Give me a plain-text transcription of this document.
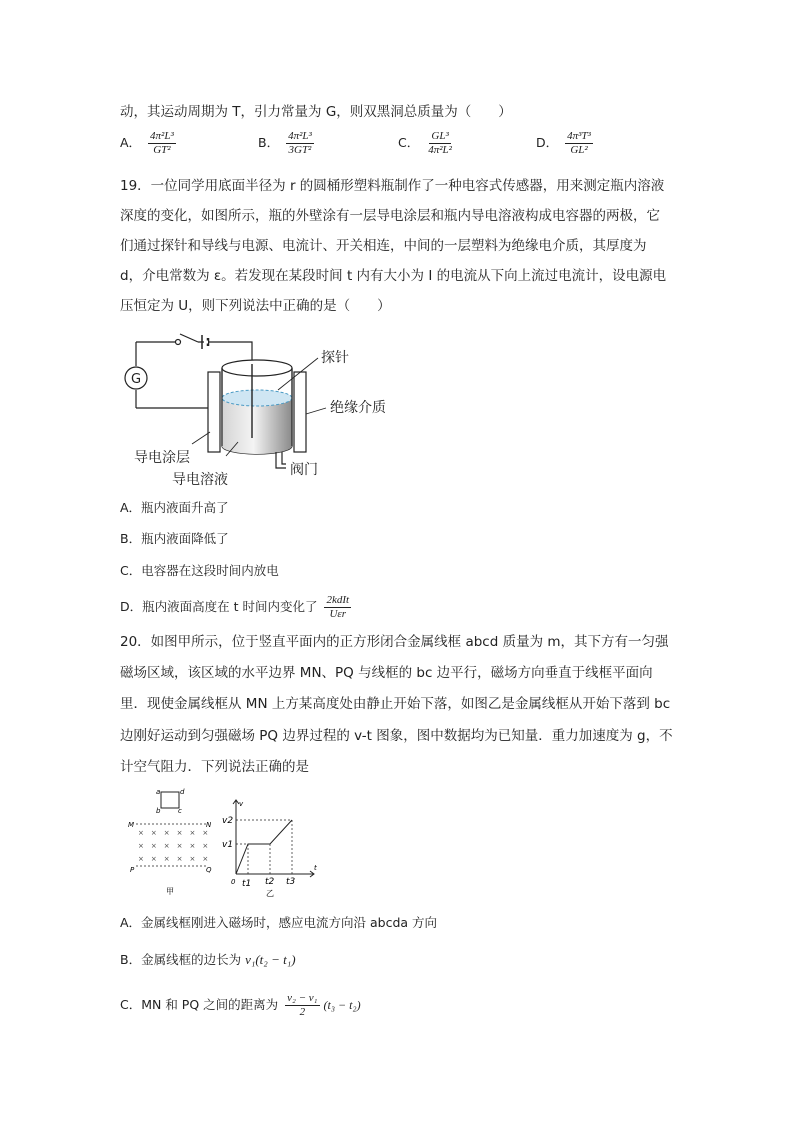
动，其运动周期为 T，引力常量为 G，则双黑洞总质量为（　　）
A． $\frac{\text{4π²L³}}{\text{GT²}}$	B． $\frac{\text{4π²L³}}{\text{3GT²}}$	C． $\frac{\text{GL³}}{\text{4π²L²}}$	D． $\frac{\text{4π³T³}}{\text{GL²}}$
19．一位同学用底面半径为 r 的圆桶形塑料瓶制作了一种电容式传感器，用来测定瓶内溶液
深度的变化，如图所示，瓶的外壁涂有一层导电涂层和瓶内导电溶液构成电容器的两极，它
们通过探针和导线与电源、电流计、开关相连，中间的一层塑料为绝缘电介质，其厚度为
d，介电常数为 ε。若发现在某段时间 t 内有大小为 I 的电流从下向上流过电流计，设电源电
压恒定为 U，则下列说法中正确的是（　　）
G
探针
绝缘介质
导电涂层
导电溶液
阀门
A．瓶内液面升高了
B．瓶内液面降低了
C．电容器在这段时间内放电
D．瓶内液面高度在 t 时间内变化了 $\frac{\text{2kdIt}}{\text{Uεr}}$
20．如图甲所示，位于竖直平面内的正方形闭合金属线框 abcd 质量为 m，其下方有一匀强
磁场区域，该区域的水平边界 MN、PQ 与线框的 bc 边平行，磁场方向垂直于线框平面向
里．现使金属线框从 MN 上方某高度处由静止开始下落，如图乙是金属线框从开始下落到 bc
边刚好运动到匀强磁场 PQ 边界过程的 v-t 图象，图中数据均为已知量．重力加速度为 g，不
计空气阻力．下列说法正确的是
a	d
b	c
M	N
P	Q
×　×　×　×　×　×
×　×　×　×　×　×
×　×　×　×　×　×
甲
v
t
0
v1
v2
t1 t2 t3
乙
A．金属线框刚进入磁场时，感应电流方向沿 abcda 方向
B．金属线框的边长为 v₁(t₂ − t₁)
C．MN 和 PQ 之间的距离为 $\frac{\text{v₂ − v₁}}{2} (t_3 - t_2)$
